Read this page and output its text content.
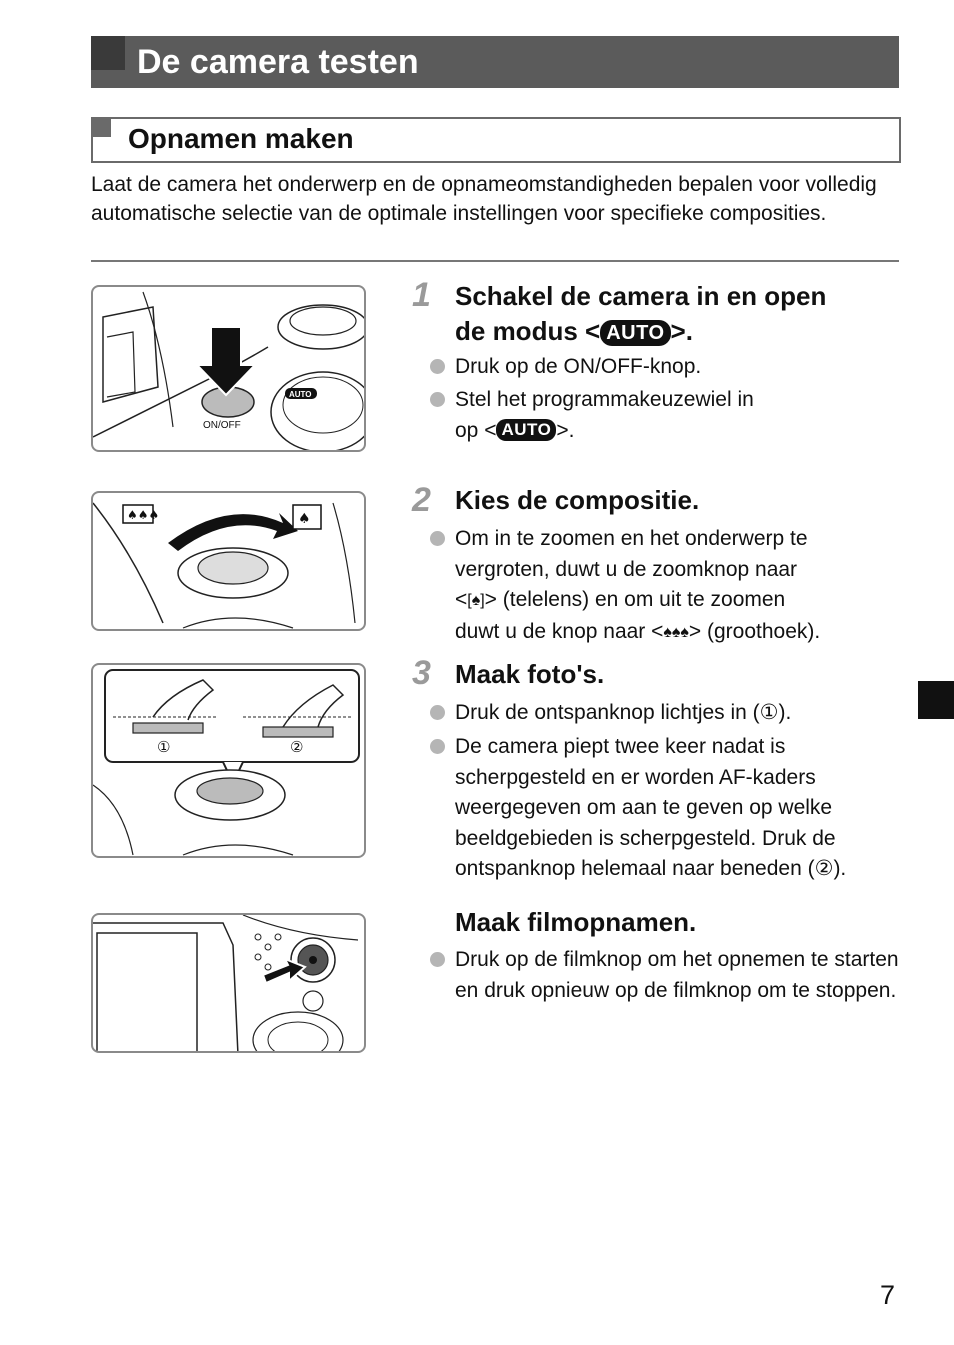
De camera testen
Opnamen maken
Laat de camera het onderwerp en de opnameomstandigheden bepalen voor volledig automatische selectie van de optimale instellingen voor specifieke composities.
AUTO
ON/OFF
1 Schakel de camera in en open
de modus < AUTO >.
Druk op de ON/OFF-knop.
Stel het programmakeuzewiel in
op < AUTO >.
♠♠♠	♠	2 Kies de compositie.
Om in te zoomen en het onderwerp te
vergroten, duwt u de zoomknop naar
<[♠]> (telelens) en om uit te zoomen
duwt u de knop naar <♠♠♠> (groothoek).
①	②
3 Maak foto's.
Druk de ontspanknop lichtjes in (①).
De camera piept twee keer nadat is scherpgesteld en er worden AF-kaders weergegeven om aan te geven op welke beeldgebieden is scherpgesteld. Druk de ontspanknop helemaal naar beneden (②).
Maak filmopnamen.
Druk op de filmknop om het opnemen te starten en druk opnieuw op de filmknop om te stoppen.
7
